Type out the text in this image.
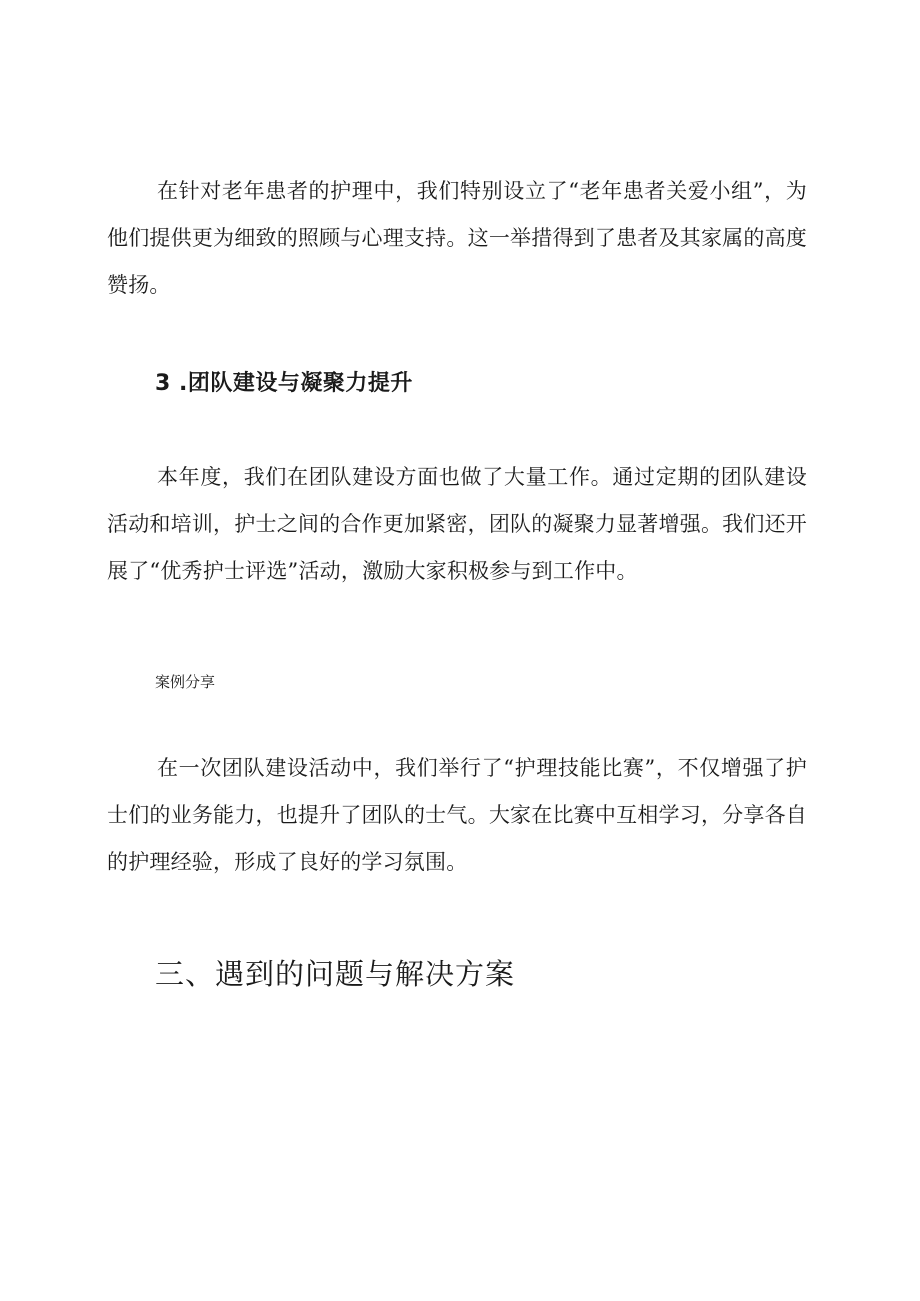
在针对老年患者的护理中，我们特别设立了“老年患者关爱小组”，为他们提供更为细致的照顾与心理支持。这一举措得到了患者及其家属的高度赞扬。

3 .团队建设与凝聚力提升

本年度，我们在团队建设方面也做了大量工作。通过定期的团队建设活动和培训，护士之间的合作更加紧密，团队的凝聚力显著增强。我们还开展了“优秀护士评选”活动，激励大家积极参与到工作中。

案例分享

在一次团队建设活动中，我们举行了“护理技能比赛”，不仅增强了护士们的业务能力，也提升了团队的士气。大家在比赛中互相学习，分享各自的护理经验，形成了良好的学习氛围。

三、遇到的问题与解决方案
